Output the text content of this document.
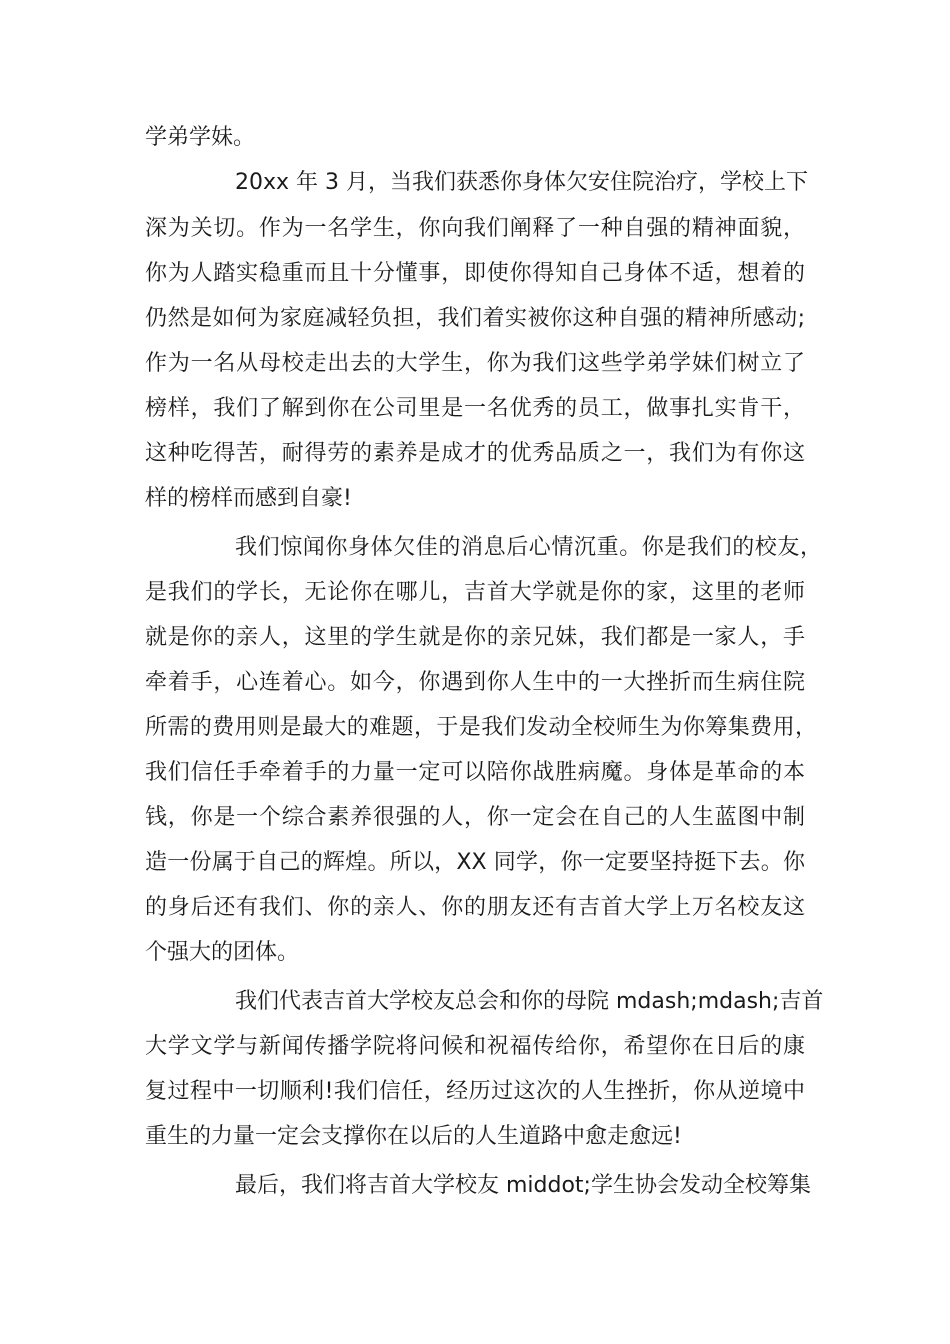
学弟学妹。
20xx 年 3 月，当我们获悉你身体欠安住院治疗，学校上下
深为关切。作为一名学生，你向我们阐释了一种自强的精神面貌，
你为人踏实稳重而且十分懂事，即使你得知自己身体不适，想着的
仍然是如何为家庭减轻负担，我们着实被你这种自强的精神所感动;
作为一名从母校走出去的大学生，你为我们这些学弟学妹们树立了
榜样，我们了解到你在公司里是一名优秀的员工，做事扎实肯干，
这种吃得苦，耐得劳的素养是成才的优秀品质之一，我们为有你这
样的榜样而感到自豪!
我们惊闻你身体欠佳的消息后心情沉重。你是我们的校友，
是我们的学长，无论你在哪儿，吉首大学就是你的家，这里的老师
就是你的亲人，这里的学生就是你的亲兄妹，我们都是一家人，手
牵着手，心连着心。如今，你遇到你人生中的一大挫折而生病住院
所需的费用则是最大的难题，于是我们发动全校师生为你筹集费用，
我们信任手牵着手的力量一定可以陪你战胜病魔。身体是革命的本
钱，你是一个综合素养很强的人，你一定会在自己的人生蓝图中制
造一份属于自己的辉煌。所以，XX 同学，你一定要坚持挺下去。你
的身后还有我们、你的亲人、你的朋友还有吉首大学上万名校友这
个强大的团体。
我们代表吉首大学校友总会和你的母院 mdash;mdash;吉首
大学文学与新闻传播学院将问候和祝福传给你，希望你在日后的康
复过程中一切顺利!我们信任，经历过这次的人生挫折，你从逆境中
重生的力量一定会支撑你在以后的人生道路中愈走愈远!
最后，我们将吉首大学校友 middot;学生协会发动全校筹集
